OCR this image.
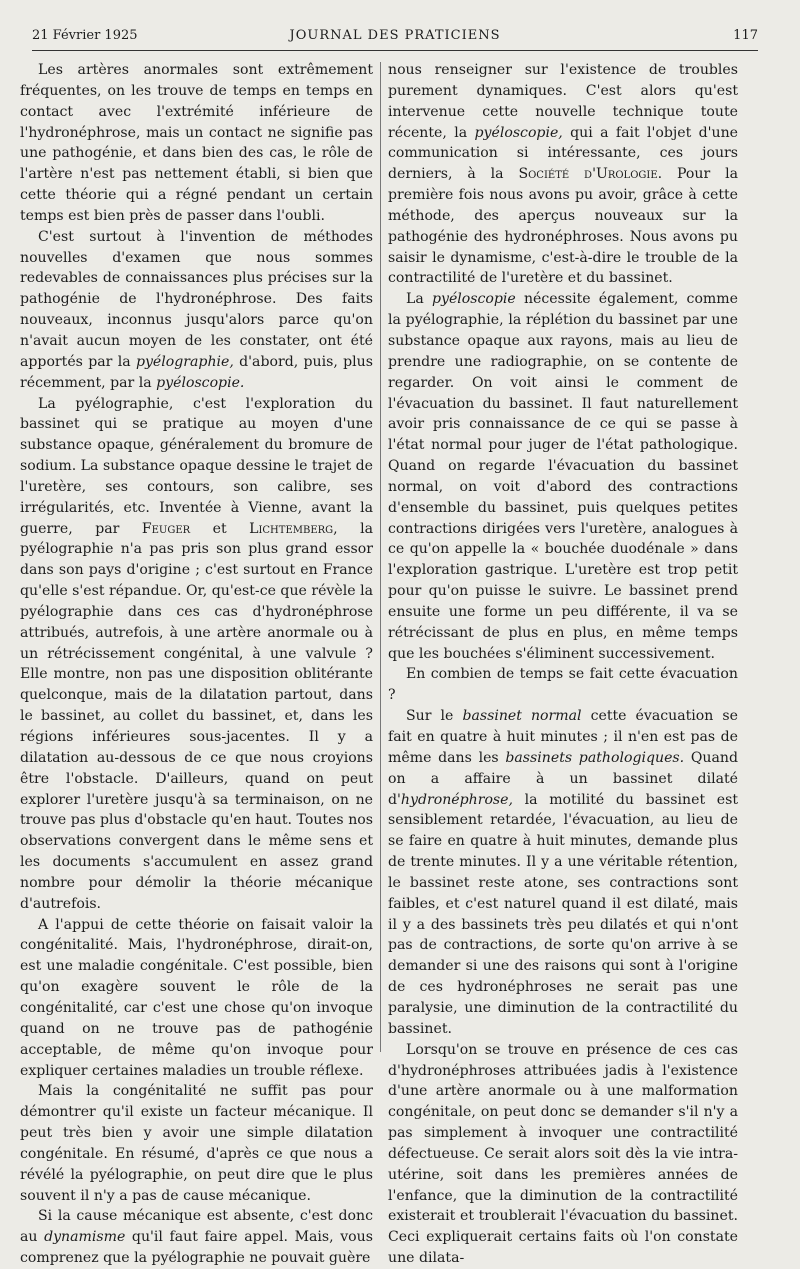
21 Février 1925	JOURNAL DES PRATICIENS	117

Les artères anormales sont extrêmement fréquentes, on les trouve de temps en temps en contact avec l'extrémité inférieure de l'hydronéphrose, mais un contact ne signifie pas une pathogénie, et dans bien des cas, le rôle de l'artère n'est pas nettement établi, si bien que cette théorie qui a régné pendant un certain temps est bien près de passer dans l'oubli.

C'est surtout à l'invention de méthodes nouvelles d'examen que nous sommes redevables de connaissances plus précises sur la pathogénie de l'hydronéphrose. Des faits nouveaux, inconnus jusqu'alors parce qu'on n'avait aucun moyen de les constater, ont été apportés par la pyélographie, d'abord, puis, plus récemment, par la pyéloscopie.

La pyélographie, c'est l'exploration du bassinet qui se pratique au moyen d'une substance opaque, généralement du bromure de sodium. La substance opaque dessine le trajet de l'uretère, ses contours, son calibre, ses irrégularités, etc. Inventée à Vienne, avant la guerre, par Feuger et Lichtemberg, la pyélographie n'a pas pris son plus grand essor dans son pays d'origine ; c'est surtout en France qu'elle s'est répandue. Or, qu'est-ce que révèle la pyélographie dans ces cas d'hydronéphrose attribués, autrefois, à une artère anormale ou à un rétrécissement congénital, à une valvule ? Elle montre, non pas une disposition oblitérante quelconque, mais de la dilatation partout, dans le bassinet, au collet du bassinet, et, dans les régions inférieures sous-jacentes. Il y a dilatation au-dessous de ce que nous croyions être l'obstacle. D'ailleurs, quand on peut explorer l'uretère jusqu'à sa terminaison, on ne trouve pas plus d'obstacle qu'en haut. Toutes nos observations convergent dans le même sens et les documents s'accumulent en assez grand nombre pour démolir la théorie mécanique d'autrefois.

A l'appui de cette théorie on faisait valoir la congénitalité. Mais, l'hydronéphrose, dirait-on, est une maladie congénitale. C'est possible, bien qu'on exagère souvent le rôle de la congénitalité, car c'est une chose qu'on invoque quand on ne trouve pas de pathogénie acceptable, de même qu'on invoque pour expliquer certaines maladies un trouble réflexe.

Mais la congénitalité ne suffit pas pour démontrer qu'il existe un facteur mécanique. Il peut très bien y avoir une simple dilatation congénitale. En résumé, d'après ce que nous a révélé la pyélographie, on peut dire que le plus souvent il n'y a pas de cause mécanique.

Si la cause mécanique est absente, c'est donc au dynamisme qu'il faut faire appel. Mais, vous comprenez que la pyélographie ne pouvait guère

nous renseigner sur l'existence de troubles purement dynamiques. C'est alors qu'est intervenue cette nouvelle technique toute récente, la pyéloscopie, qui a fait l'objet d'une communication si intéressante, ces jours derniers, à la Société d'Urologie. Pour la première fois nous avons pu avoir, grâce à cette méthode, des aperçus nouveaux sur la pathogénie des hydronéphroses. Nous avons pu saisir le dynamisme, c'est-à-dire le trouble de la contractilité de l'uretère et du bassinet.

La pyéloscopie nécessite également, comme la pyélographie, la réplétion du bassinet par une substance opaque aux rayons, mais au lieu de prendre une radiographie, on se contente de regarder. On voit ainsi le comment de l'évacuation du bassinet. Il faut naturellement avoir pris connaissance de ce qui se passe à l'état normal pour juger de l'état pathologique. Quand on regarde l'évacuation du bassinet normal, on voit d'abord des contractions d'ensemble du bassinet, puis quelques petites contractions dirigées vers l'uretère, analogues à ce qu'on appelle la « bouchée duodénale » dans l'exploration gastrique. L'uretère est trop petit pour qu'on puisse le suivre. Le bassinet prend ensuite une forme un peu différente, il va se rétrécissant de plus en plus, en même temps que les bouchées s'éliminent successivement.

En combien de temps se fait cette évacuation ?

Sur le bassinet normal cette évacuation se fait en quatre à huit minutes ; il n'en est pas de même dans les bassinets pathologiques. Quand on a affaire à un bassinet dilaté d'hydronéphrose, la motilité du bassinet est sensiblement retardée, l'évacuation, au lieu de se faire en quatre à huit minutes, demande plus de trente minutes. Il y a une véritable rétention, le bassinet reste atone, ses contractions sont faibles, et c'est naturel quand il est dilaté, mais il y a des bassinets très peu dilatés et qui n'ont pas de contractions, de sorte qu'on arrive à se demander si une des raisons qui sont à l'origine de ces hydronéphroses ne serait pas une paralysie, une diminution de la contractilité du bassinet.

Lorsqu'on se trouve en présence de ces cas d'hydronéphroses attribuées jadis à l'existence d'une artère anormale ou à une malformation congénitale, on peut donc se demander s'il n'y a pas simplement à invoquer une contractilité défectueuse. Ce serait alors soit dès la vie intra-utérine, soit dans les premières années de l'enfance, que la diminution de la contractilité existerait et troublerait l'évacuation du bassinet. Ceci expliquerait certains faits où l'on constate une dilata-
